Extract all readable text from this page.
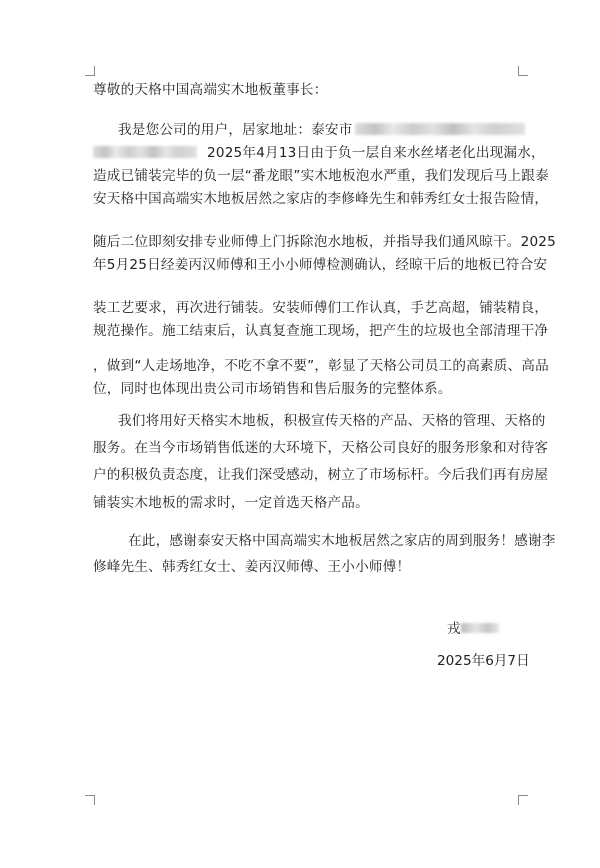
尊敬的天格中国高端实木地板董事长：
我是您公司的用户，居家地址：泰安市
2025年4月13日由于负一层自来水丝堵老化出现漏水，
造成已铺装完毕的负一层“番龙眼”实木地板泡水严重，我们发现后马上跟泰
安天格中国高端实木地板居然之家店的李修峰先生和韩秀红女士报告险情，
随后二位即刻安排专业师傅上门拆除泡水地板，并指导我们通风晾干。2025
年5月25日经姜丙汉师傅和王小小师傅检测确认，经晾干后的地板已符合安
装工艺要求，再次进行铺装。安装师傅们工作认真，手艺高超，铺装精良，
规范操作。施工结束后，认真复查施工现场，把产生的垃圾也全部清理干净
，做到“人走场地净，不吃不拿不要”，彰显了天格公司员工的高素质、高品
位，同时也体现出贵公司市场销售和售后服务的完整体系。
我们将用好天格实木地板，积极宣传天格的产品、天格的管理、天格的
服务。在当今市场销售低迷的大环境下，天格公司良好的服务形象和对待客
户的积极负责态度，让我们深受感动，树立了市场标杆。今后我们再有房屋
铺装实木地板的需求时，一定首选天格产品。
在此，感谢泰安天格中国高端实木地板居然之家店的周到服务！感谢李
修峰先生、韩秀红女士、姜丙汉师傅、王小小师傅！
戎
2025年6月7日
